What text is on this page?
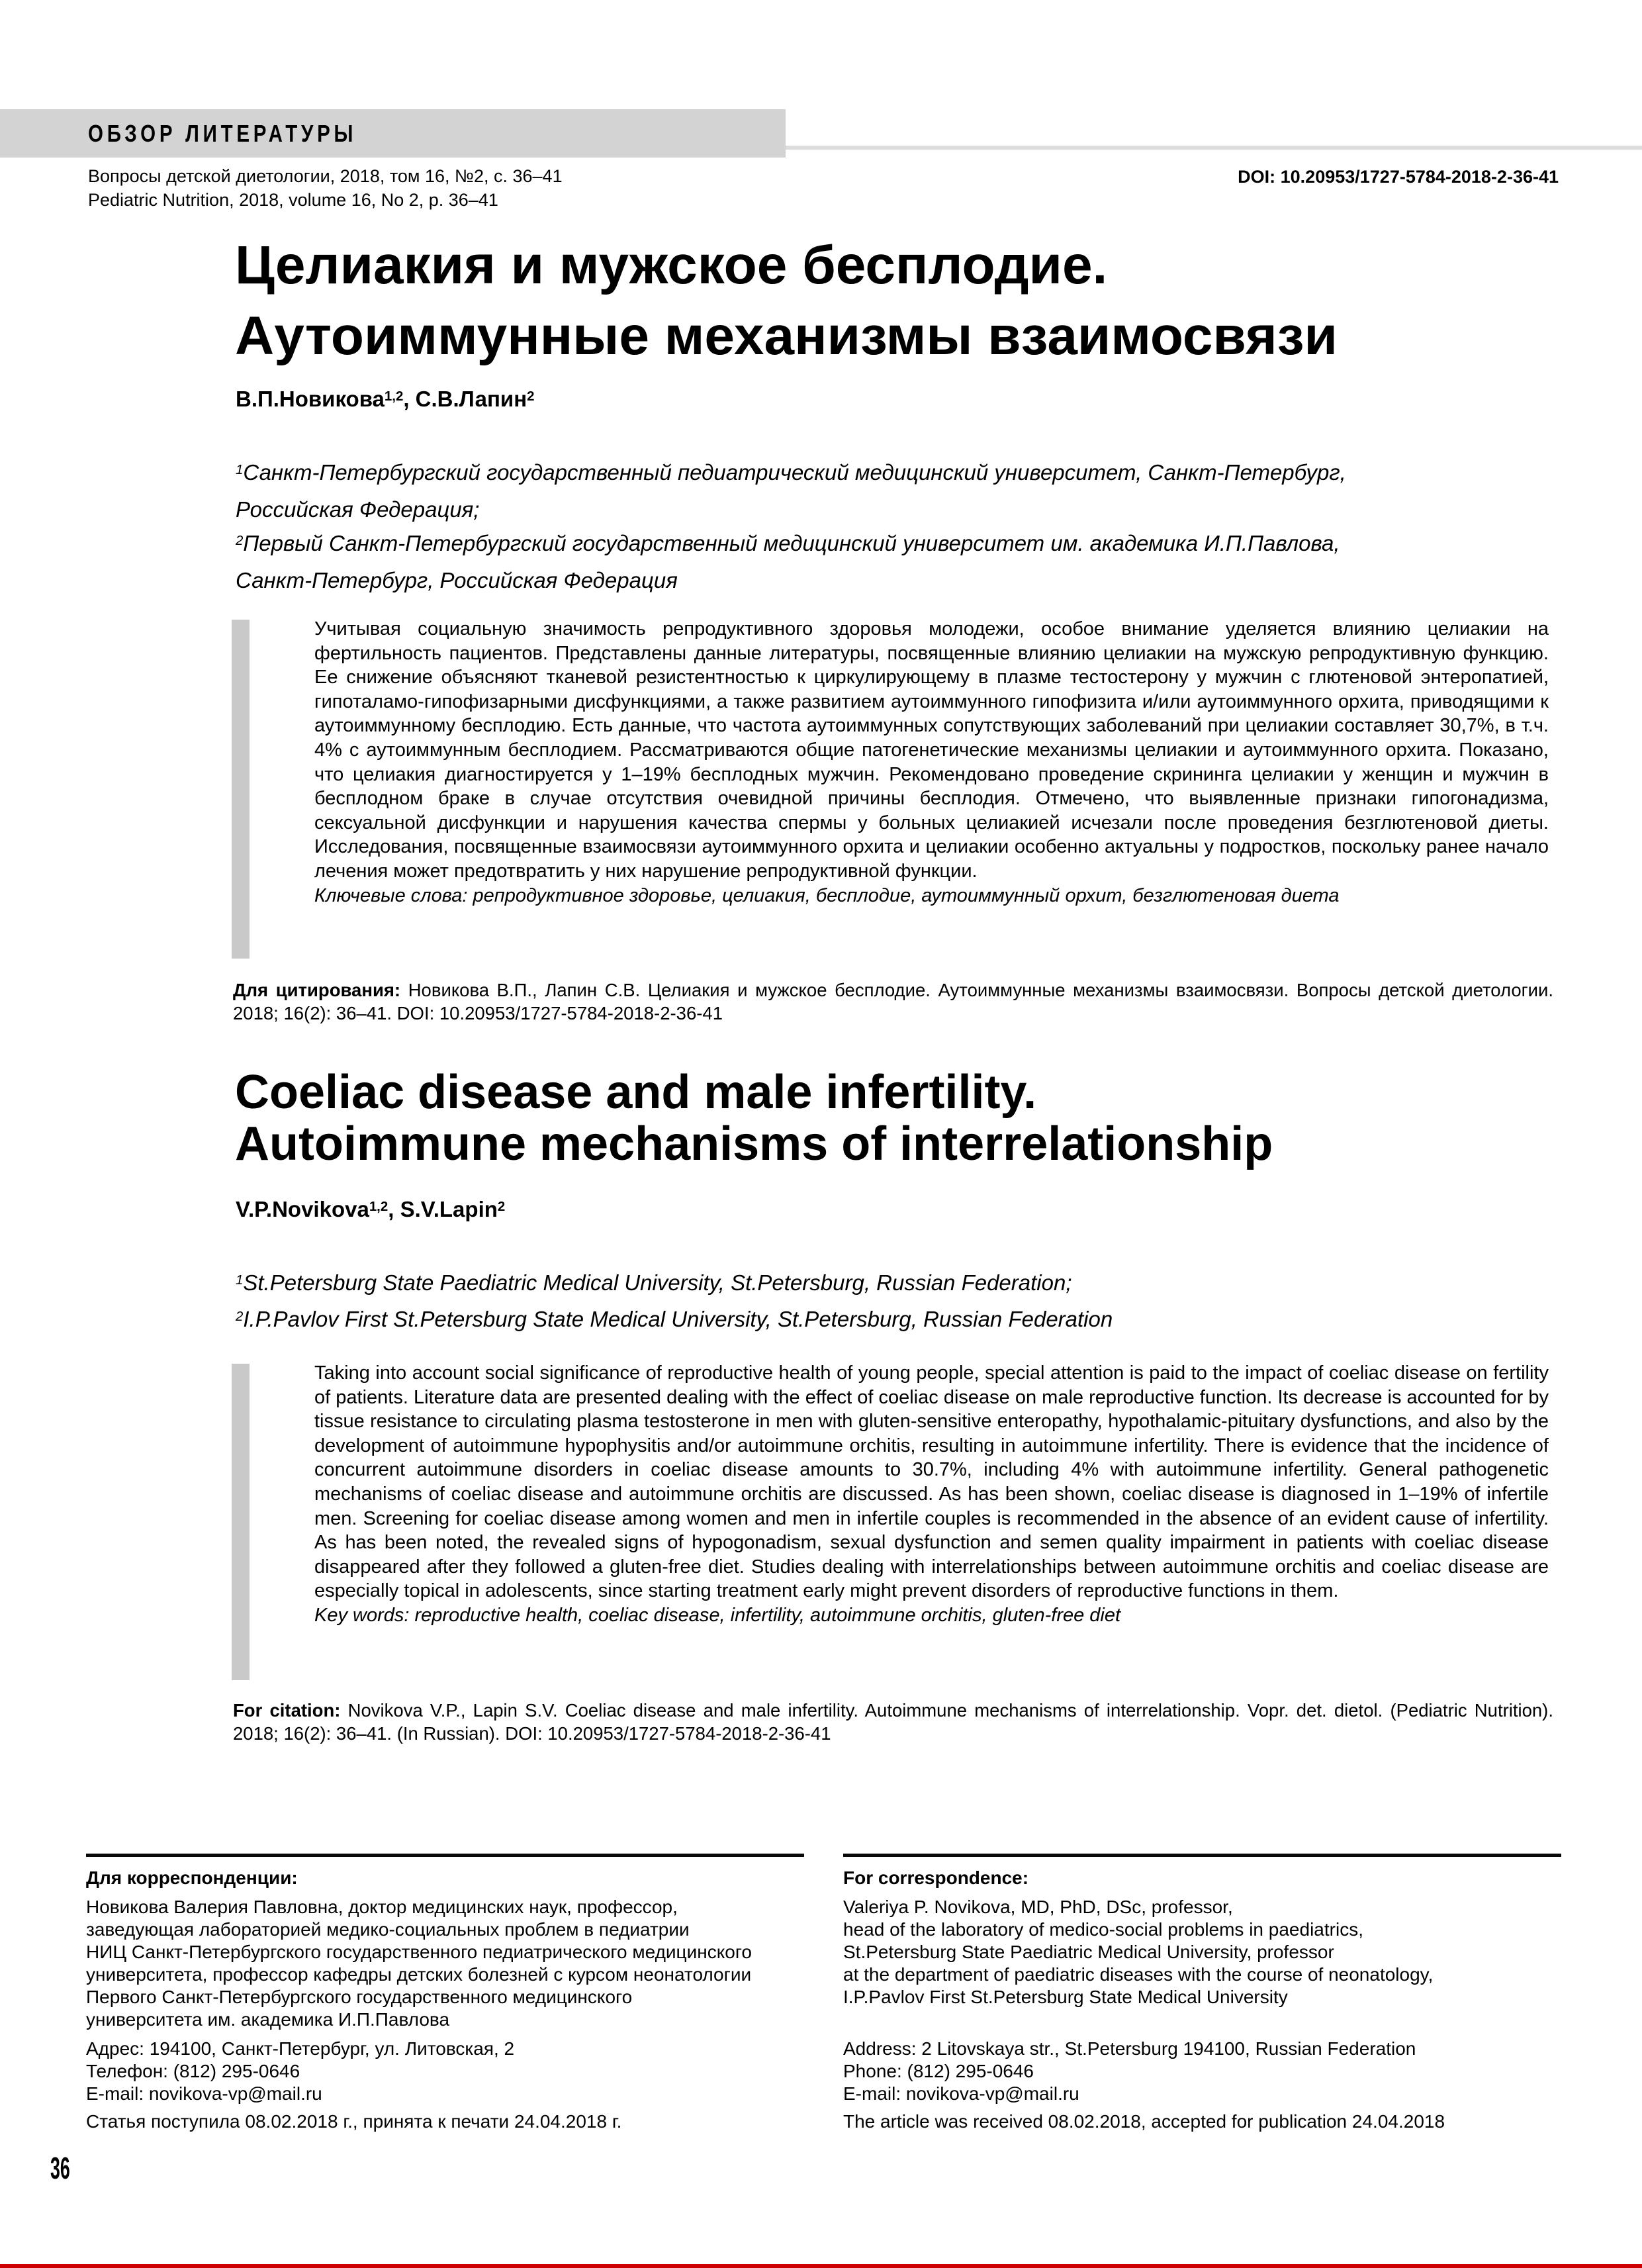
ОБЗОР ЛИТЕРАТУРЫ
Вопросы детской диетологии, 2018, том 16, №2, с. 36–41
Pediatric Nutrition, 2018, volume 16, No 2, p. 36–41
DOI: 10.20953/1727-5784-2018-2-36-41
Целиакия и мужское бесплодие.
Аутоиммунные механизмы взаимосвязи
В.П.Новикова$^{1,2}$, С.В.Лапин$^2$
$^1$Санкт-Петербургский государственный педиатрический медицинский университет, Санкт-Петербург,
Российская Федерация;
$^2$Первый Санкт-Петербургский государственный медицинский университет им. академика И.П.Павлова,
Санкт-Петербург, Российская Федерация

Учитывая социальную значимость репродуктивного здоровья молодежи, особое внимание уделяется влиянию целиакии на фертильность пациентов. Представлены данные литературы, посвященные влиянию целиакии на мужскую репродуктивную функцию. Ее снижение объясняют тканевой резистентностью к циркулирующему в плазме тестостерону у мужчин с глютеновой энтеропатией, гипоталамо-гипофизарными дисфункциями, а также развитием аутоиммунного гипофизита и/или аутоиммунного орхита, приводящими к аутоиммунному бесплодию. Есть данные, что частота аутоиммунных сопутствующих заболеваний при целиакии составляет 30,7%, в т.ч. 4% с аутоиммунным бесплодием. Рассматриваются общие патогенетические механизмы целиакии и аутоиммунного орхита. Показано, что целиакия диагностируется у 1–19% бесплодных мужчин. Рекомендовано проведение скрининга целиакии у женщин и мужчин в бесплодном браке в случае отсутствия очевидной причины бесплодия. Отмечено, что выявленные признаки гипогонадизма, сексуальной дисфункции и нарушения качества спермы у больных целиакией исчезали после проведения безглютеновой диеты. Исследования, посвященные взаимосвязи аутоиммунного орхита и целиакии особенно актуальны у подростков, поскольку ранее начало лечения может предотвратить у них нарушение репродуктивной функции.

Ключевые слова: репродуктивное здоровье, целиакия, бесплодие, аутоиммунный орхит, безглютеновая диета
Для цитирования: Новикова В.П., Лапин С.В. Целиакия и мужское бесплодие. Аутоиммунные механизмы взаимосвязи. Вопросы детской диетологии. 2018; 16(2): 36–41. DOI: 10.20953/1727-5784-2018-2-36-41
Coeliac disease and male infertility.
Autoimmune mechanisms of interrelationship
V.P.Novikova$^{1,2}$, S.V.Lapin$^2$
$^1$St.Petersburg State Paediatric Medical University, St.Petersburg, Russian Federation;
$^2$I.P.Pavlov First St.Petersburg State Medical University, St.Petersburg, Russian Federation

Taking into account social significance of reproductive health of young people, special attention is paid to the impact of coeliac disease on fertility of patients. Literature data are presented dealing with the effect of coeliac disease on male reproductive function. Its decrease is accounted for by tissue resistance to circulating plasma testosterone in men with gluten-sensitive enteropathy, hypothalamic-pituitary dysfunctions, and also by the development of autoimmune hypophysitis and/or autoimmune orchitis, resulting in autoimmune infertility. There is evidence that the incidence of concurrent autoimmune disorders in coeliac disease amounts to 30.7%, including 4% with autoimmune infertility. General pathogenetic mechanisms of coeliac disease and autoimmune orchitis are discussed. As has been shown, coeliac disease is diagnosed in 1–19% of infertile men. Screening for coeliac disease among women and men in infertile couples is recommended in the absence of an evident cause of infertility. As has been noted, the revealed signs of hypogonadism, sexual dysfunction and semen quality impairment in patients with coeliac disease disappeared after they followed a gluten-free diet. Studies dealing with interrelationships between autoimmune orchitis and coeliac disease are especially topical in adolescents, since starting treatment early might prevent disorders of reproductive functions in them.

Key words: reproductive health, coeliac disease, infertility, autoimmune orchitis, gluten-free diet
For citation: Novikova V.P., Lapin S.V. Coeliac disease and male infertility. Autoimmune mechanisms of interrelationship. Vopr. det. dietol. (Pediatric Nutrition). 2018; 16(2): 36–41. (In Russian). DOI: 10.20953/1727-5784-2018-2-36-41
Для корреспонденции:
Новикова Валерия Павловна, доктор медицинских наук, профессор,
заведующая лабораторией медико-социальных проблем в педиатрии
НИЦ Санкт-Петербургского государственного педиатрического медицинского
университета, профессор кафедры детских болезней с курсом неонатологии
Первого Санкт-Петербургского государственного медицинского
университета им. академика И.П.Павлова
Адрес: 194100, Санкт-Петербург, ул. Литовская, 2
Телефон: (812) 295-0646
E-mail: novikova-vp@mail.ru
Статья поступила 08.02.2018 г., принята к печати 24.04.2018 г.
For correspondence:
Valeriya P. Novikova, MD, PhD, DSc, professor,
head of the laboratory of medico-social problems in paediatrics,
St.Petersburg State Paediatric Medical University, professor
at the department of paediatric diseases with the course of neonatology,
I.P.Pavlov First St.Petersburg State Medical University
Address: 2 Litovskaya str., St.Petersburg 194100, Russian Federation
Phone: (812) 295-0646
E-mail: novikova-vp@mail.ru
The article was received 08.02.2018, accepted for publication 24.04.2018
36
